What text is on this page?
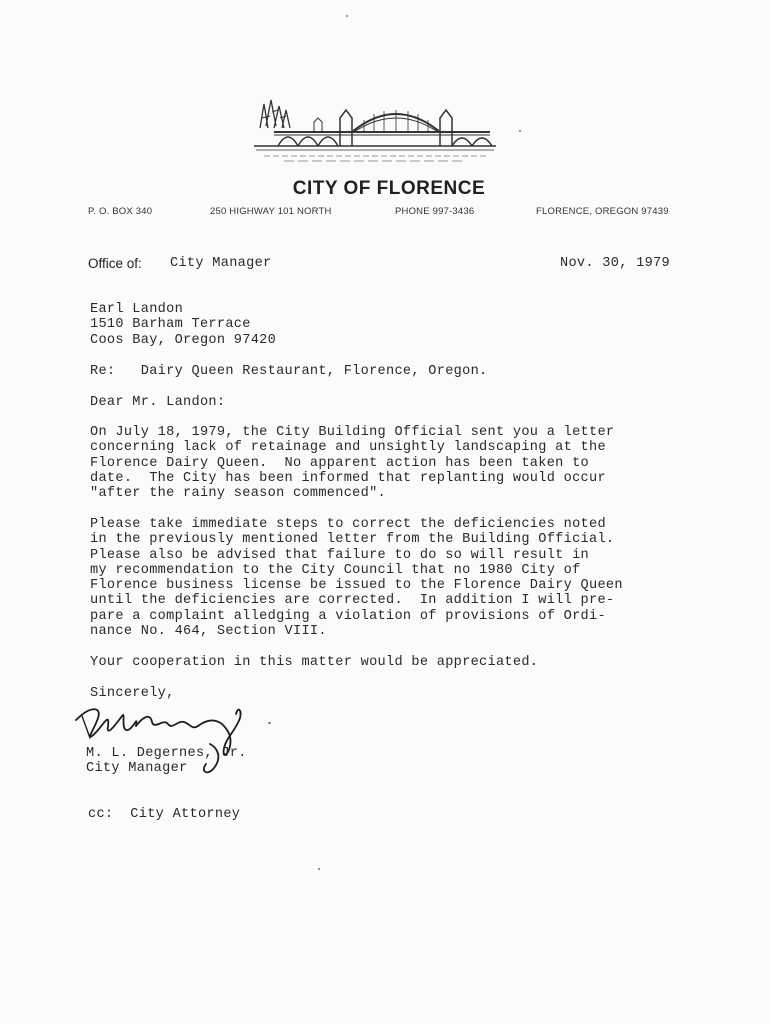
CITY OF FLORENCE
P. O. BOX 340	250 HIGHWAY 101 NORTH	PHONE 997-3436	FLORENCE, OREGON 97439
Office of: City Manager	Nov. 30, 1979
Earl Landon
1510 Barham Terrace
Coos Bay, Oregon 97420
Re:   Dairy Queen Restaurant, Florence, Oregon.
Dear Mr. Landon:
On July 18, 1979, the City Building Official sent you a letter
concerning lack of retainage and unsightly landscaping at the
Florence Dairy Queen.  No apparent action has been taken to
date.  The City has been informed that replanting would occur
"after the rainy season commenced".
Please take immediate steps to correct the deficiencies noted
in the previously mentioned letter from the Building Official.
Please also be advised that failure to do so will result in
my recommendation to the City Council that no 1980 City of
Florence business license be issued to the Florence Dairy Queen
until the deficiencies are corrected.  In addition I will pre-
pare a complaint alledging a violation of provisions of Ordi-
nance No. 464, Section VIII.
Your cooperation in this matter would be appreciated.
Sincerely,
M. L. Degernes, Jr.
City Manager
cc:  City Attorney
